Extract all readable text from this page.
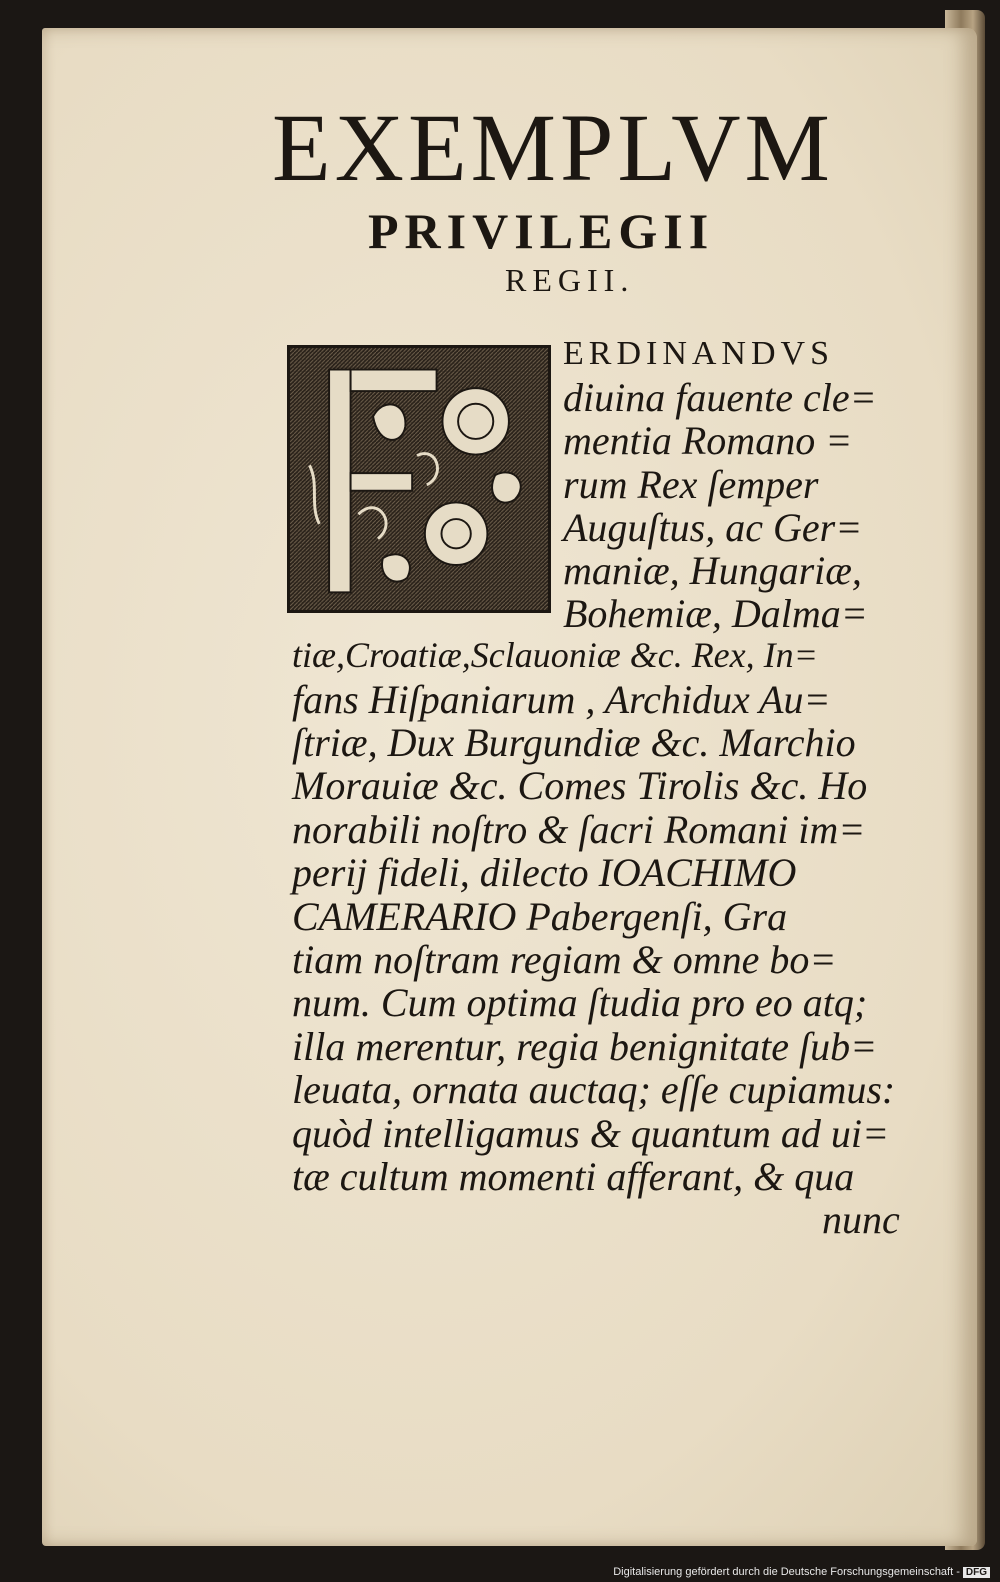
EXEMPLVM
PRIVILEGII
REGII.
ERDINANDVS
diuina fauente cle=
mentia Romano =
rum Rex ſemper
Auguſtus, ac Ger=
maniæ, Hungariæ,
Bohemiæ, Dalma=
tiæ,Croatiæ,Sclauoniæ &c. Rex, In=
fans Hiſpaniarum , Archidux Au=
ſtriæ, Dux Burgundiæ &c. Marchio
Morauiæ &c. Comes Tirolis &c. Ho
norabili noſtro & ſacri Romani im=
perij fideli, dilecto IOACHIMO
CAMERARIO Pabergenſi, Gra
tiam noſtram regiam & omne bo=
num. Cum optima ſtudia pro eo atq;
illa merentur, regia benignitate ſub=
leuata, ornata auctaq; eſſe cupiamus:
quòd intelligamus & quantum ad ui=
tæ cultum momenti afferant, & qua
nunc
Digitalisierung gefördert durch die Deutsche Forschungsgemeinschaft - DFG
